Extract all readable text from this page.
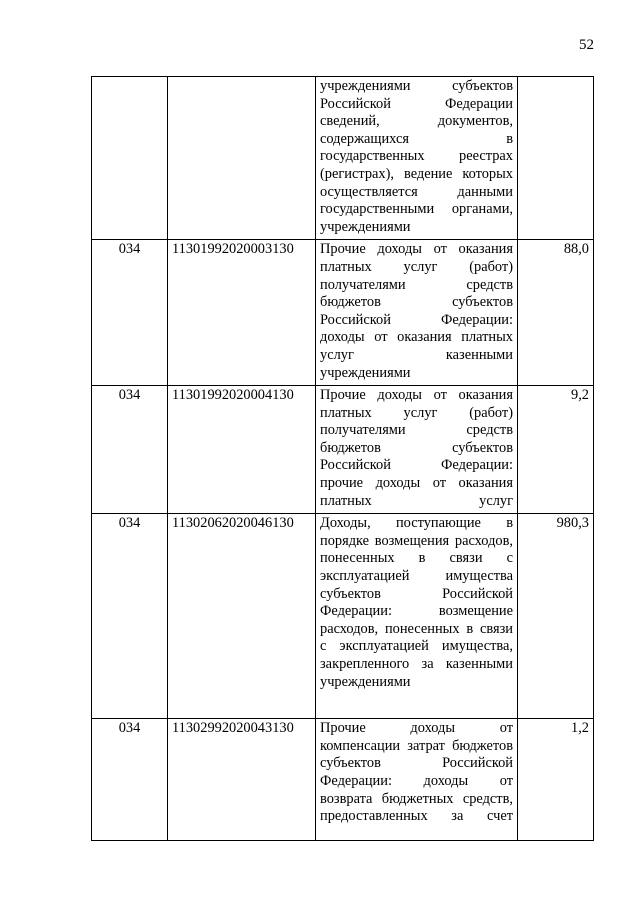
52

		учреждениями субъектов Российской Федерации сведений, документов, содержащихся в государственных реестрах (регистрах), ведение которых осуществляется данными государственными органами, учреждениями	

034	11301992020003130	Прочие доходы от оказания платных услуг (работ) получателями средств бюджетов субъектов Российской Федерации: доходы от оказания платных услуг казенными учреждениями	88,0
034	11301992020004130	Прочие доходы от оказания платных услуг (работ) получателями средств бюджетов субъектов Российской Федерации: прочие доходы от оказания платных услуг	9,2
034	11302062020046130	Доходы, поступающие в порядке возмещения расходов, понесенных в связи с эксплуатацией имущества субъектов Российской Федерации: возмещение расходов, понесенных в связи с эксплуатацией имущества, закрепленного за казенными учреждениями	980,3
034	11302992020043130	Прочие доходы от компенсации затрат бюджетов субъектов Российской Федерации: доходы от возврата бюджетных средств, предоставленных за счет	1,2
